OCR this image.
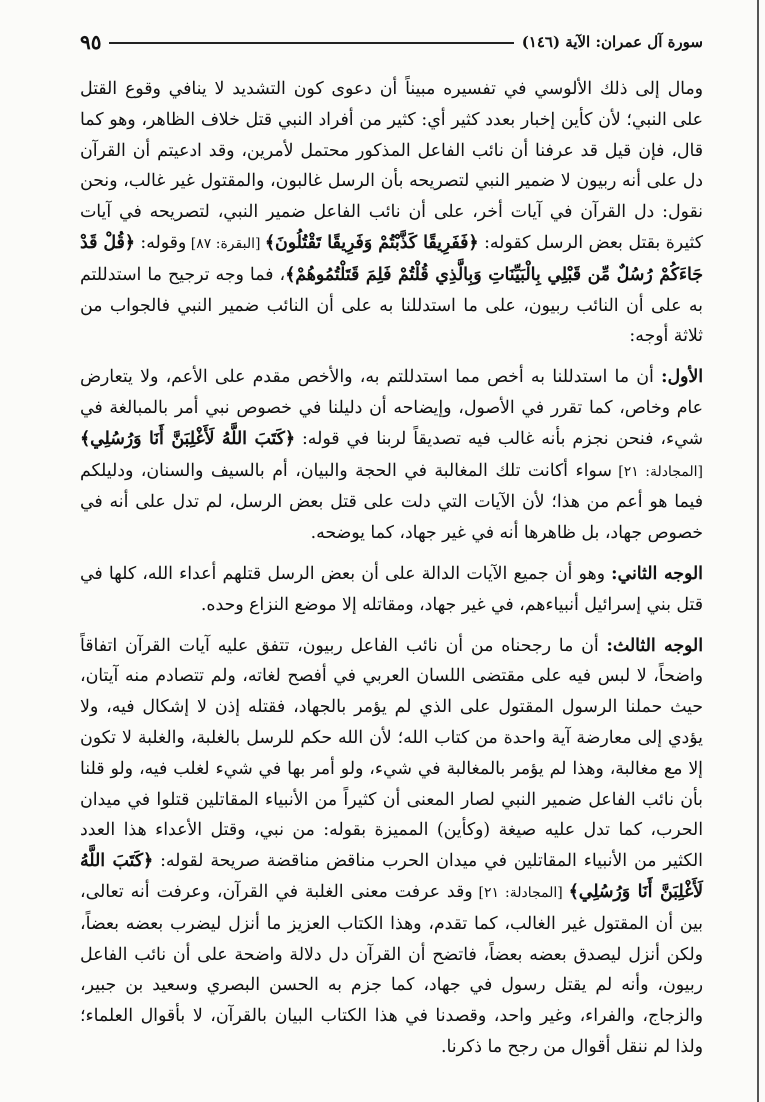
سورة آل عمران: الآية (١٤٦)
٩٥

ومال إلى ذلك الألوسي في تفسيره مبيناً أن دعوى كون التشديد لا ينافي وقوع القتل على النبي؛ لأن كأين إخبار بعدد كثير أي: كثير من أفراد النبي قتل خلاف الظاهر، وهو كما قال، فإن قيل قد عرفنا أن نائب الفاعل المذكور محتمل لأمرين، وقد ادعيتم أن القرآن دل على أنه ربيون لا ضمير النبي لتصريحه بأن الرسل غالبون، والمقتول غير غالب، ونحن نقول: دل القرآن في آيات أخر، على أن نائب الفاعل ضمير النبي، لتصريحه في آيات كثيرة بقتل بعض الرسل كقوله: ﴿فَفَرِيقًا كَذَّبْتُمْ وَفَرِيقًا تَقْتُلُونَ﴾ [البقرة: ٨٧] وقوله: ﴿قُلْ قَدْ جَاءَكُمْ رُسُلٌ مِّن قَبْلِي بِالْبَيِّنَاتِ وَبِالَّذِي قُلْتُمْ فَلِمَ قَتَلْتُمُوهُمْ﴾، فما وجه ترجيح ما استدللتم به على أن النائب ربيون، على ما استدللنا به على أن النائب ضمير النبي فالجواب من ثلاثة أوجه:

الأول: أن ما استدللنا به أخص مما استدللتم به، والأخص مقدم على الأعم، ولا يتعارض عام وخاص، كما تقرر في الأصول، وإيضاحه أن دليلنا في خصوص نبي أمر بالمبالغة في شيء، فنحن نجزم بأنه غالب فيه تصديقاً لربنا في قوله: ﴿كَتَبَ اللَّهُ لَأَغْلِبَنَّ أَنَا وَرُسُلِي﴾ [المجادلة: ٢١] سواء أكانت تلك المغالبة في الحجة والبيان، أم بالسيف والسنان، ودليلكم فيما هو أعم من هذا؛ لأن الآيات التي دلت على قتل بعض الرسل، لم تدل على أنه في خصوص جهاد، بل ظاهرها أنه في غير جهاد، كما يوضحه.

الوجه الثاني: وهو أن جميع الآيات الدالة على أن بعض الرسل قتلهم أعداء الله، كلها في قتل بني إسرائيل أنبياءهم، في غير جهاد، ومقاتله إلا موضع النزاع وحده.

الوجه الثالث: أن ما رجحناه من أن نائب الفاعل ربيون، تتفق عليه آيات القرآن اتفاقاً واضحاً، لا لبس فيه على مقتضى اللسان العربي في أفصح لغاته، ولم تتصادم منه آيتان، حيث حملنا الرسول المقتول على الذي لم يؤمر بالجهاد، فقتله إذن لا إشكال فيه، ولا يؤدي إلى معارضة آية واحدة من كتاب الله؛ لأن الله حكم للرسل بالغلبة، والغلبة لا تكون إلا مع مغالبة، وهذا لم يؤمر بالمغالبة في شيء، ولو أمر بها في شيء لغلب فيه، ولو قلنا بأن نائب الفاعل ضمير النبي لصار المعنى أن كثيراً من الأنبياء المقاتلين قتلوا في ميدان الحرب، كما تدل عليه صيغة (وكأين) المميزة بقوله: من نبي، وقتل الأعداء هذا العدد الكثير من الأنبياء المقاتلين في ميدان الحرب مناقض مناقضة صريحة لقوله: ﴿كَتَبَ اللَّهُ لَأَغْلِبَنَّ أَنَا وَرُسُلِي﴾ [المجادلة: ٢١] وقد عرفت معنى الغلبة في القرآن، وعرفت أنه تعالى، بين أن المقتول غير الغالب، كما تقدم، وهذا الكتاب العزيز ما أنزل ليضرب بعضه بعضاً، ولكن أنزل ليصدق بعضه بعضاً، فاتضح أن القرآن دل دلالة واضحة على أن نائب الفاعل ربيون، وأنه لم يقتل رسول في جهاد، كما جزم به الحسن البصري وسعيد بن جبير، والزجاج، والفراء، وغير واحد، وقصدنا في هذا الكتاب البيان بالقرآن، لا بأقوال العلماء؛ ولذا لم ننقل أقوال من رجح ما ذكرنا.
